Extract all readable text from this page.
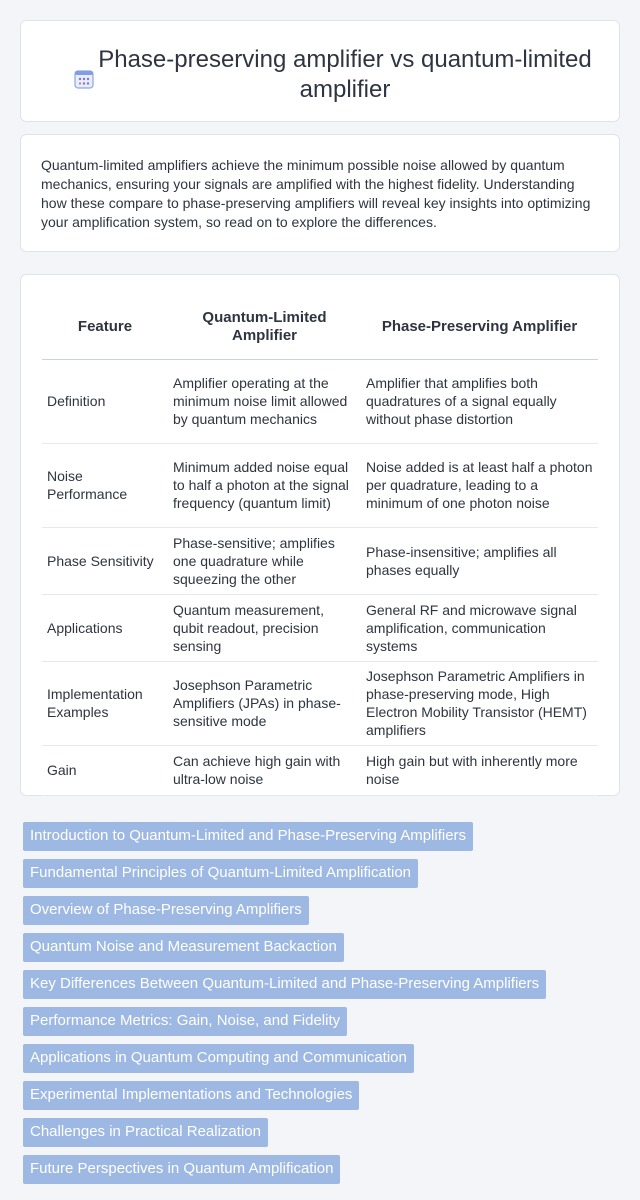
Phase-preserving amplifier vs quantum-limited amplifier

Quantum-limited amplifiers achieve the minimum possible noise allowed by quantum mechanics, ensuring your signals are amplified with the highest fidelity. Understanding how these compare to phase-preserving amplifiers will reveal key insights into optimizing your amplification system, so read on to explore the differences.

Feature	Quantum-Limited Amplifier	Phase-Preserving Amplifier
Definition	Amplifier operating at the minimum noise limit allowed by quantum mechanics	Amplifier that amplifies both quadratures of a signal equally without phase distortion
Noise Performance	Minimum added noise equal to half a photon at the signal frequency (quantum limit)	Noise added is at least half a photon per quadrature, leading to a minimum of one photon noise
Phase Sensitivity	Phase-sensitive; amplifies one quadrature while squeezing the other	Phase-insensitive; amplifies all phases equally
Applications	Quantum measurement, qubit readout, precision sensing	General RF and microwave signal amplification, communication systems
Implementation Examples	Josephson Parametric Amplifiers (JPAs) in phase-sensitive mode	Josephson Parametric Amplifiers in phase-preserving mode, High Electron Mobility Transistor (HEMT) amplifiers
Gain	Can achieve high gain with ultra-low noise	High gain but with inherently more noise
Introduction to Quantum-Limited and Phase-Preserving Amplifiers
Fundamental Principles of Quantum-Limited Amplification
Overview of Phase-Preserving Amplifiers
Quantum Noise and Measurement Backaction
Key Differences Between Quantum-Limited and Phase-Preserving Amplifiers
Performance Metrics: Gain, Noise, and Fidelity
Applications in Quantum Computing and Communication
Experimental Implementations and Technologies
Challenges in Practical Realization
Future Perspectives in Quantum Amplification
